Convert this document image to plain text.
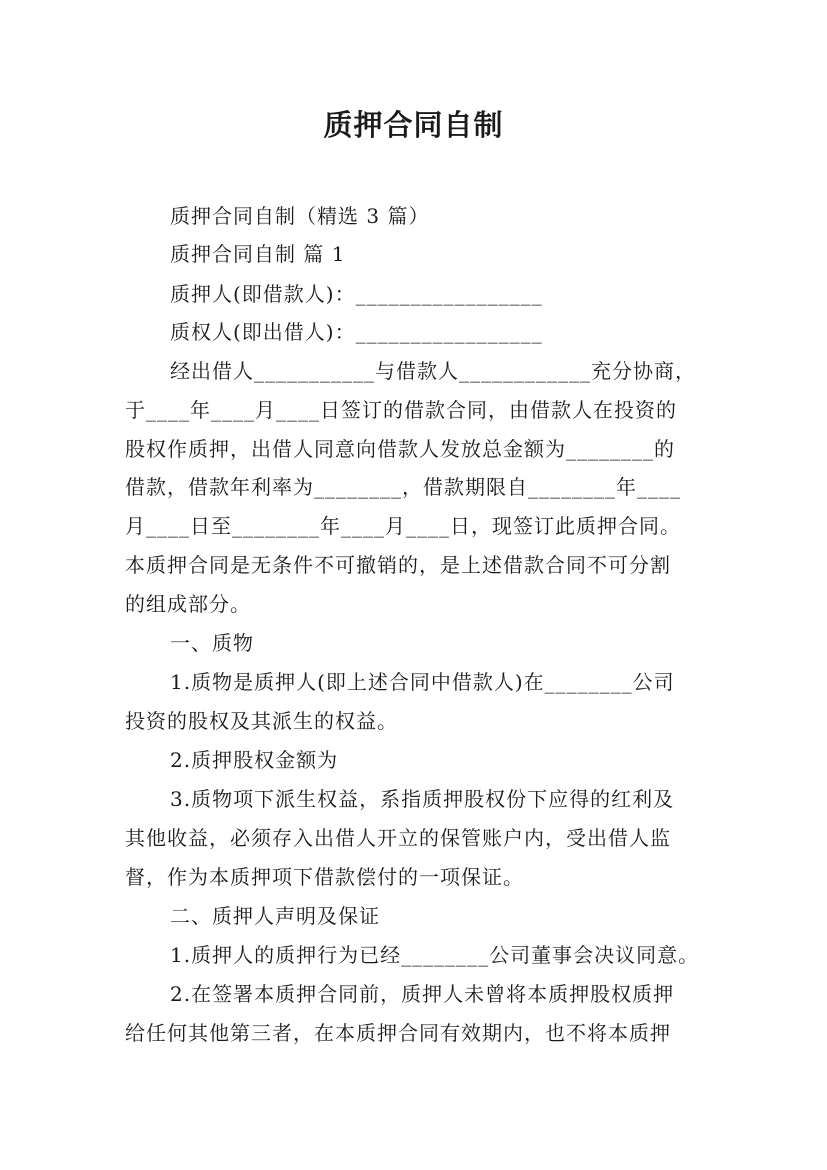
质押合同自制
质押合同自制（精选 3 篇）
质押合同自制 篇 1
质押人(即借款人)：_________________
质权人(即出借人)：_________________
经出借人___________与借款人____________充分协商，
于____年____月____日签订的借款合同，由借款人在投资的
股权作质押，出借人同意向借款人发放总金额为________的
借款，借款年利率为________，借款期限自________年____
月____日至________年____月____日，现签订此质押合同。
本质押合同是无条件不可撤销的，是上述借款合同不可分割
的组成部分。
一、质物
1.质物是质押人(即上述合同中借款人)在________公司
投资的股权及其派生的权益。
2.质押股权金额为
3.质物项下派生权益，系指质押股权份下应得的红利及
其他收益，必须存入出借人开立的保管账户内，受出借人监
督，作为本质押项下借款偿付的一项保证。
二、质押人声明及保证
1.质押人的质押行为已经________公司董事会决议同意。
2.在签署本质押合同前，质押人未曾将本质押股权质押
给任何其他第三者，在本质押合同有效期内，也不将本质押
